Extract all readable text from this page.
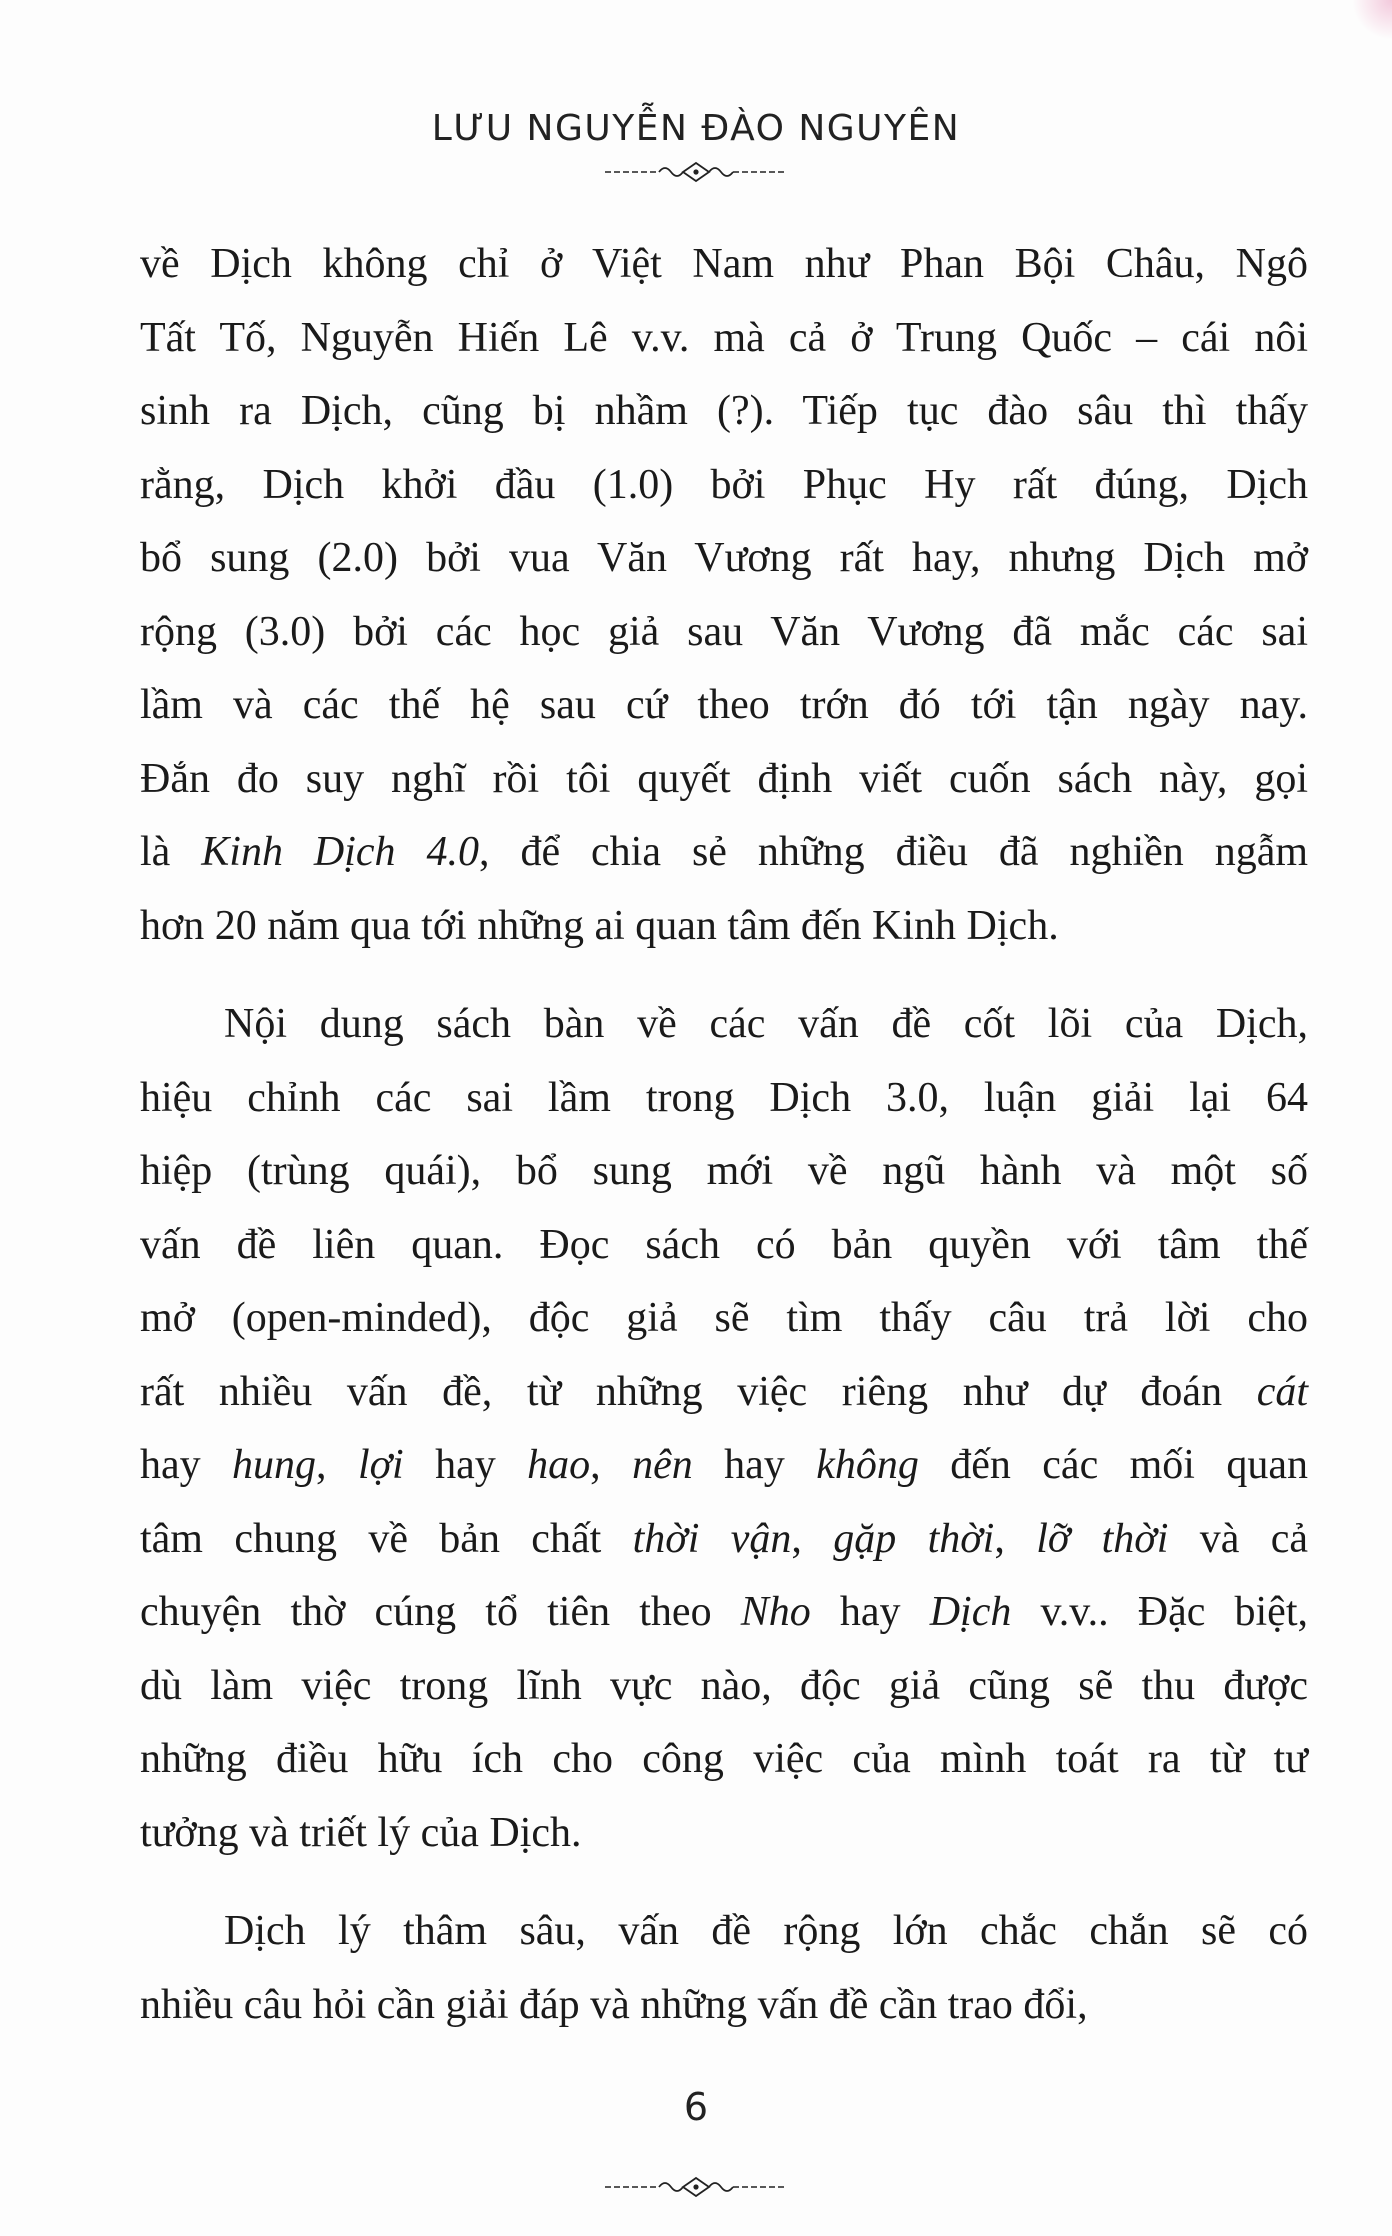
LƯU NGUYỄN ĐÀO NGUYÊN

về Dịch không chỉ ở Việt Nam như Phan Bội Châu, Ngô
Tất Tố, Nguyễn Hiến Lê v.v. mà cả ở Trung Quốc – cái nôi
sinh ra Dịch, cũng bị nhầm (?). Tiếp tục đào sâu thì thấy
rằng, Dịch khởi đầu (1.0) bởi Phục Hy rất đúng, Dịch
bổ sung (2.0) bởi vua Văn Vương rất hay, nhưng Dịch mở
rộng (3.0) bởi các học giả sau Văn Vương đã mắc các sai
lầm và các thế hệ sau cứ theo trớn đó tới tận ngày nay.
Đắn đo suy nghĩ rồi tôi quyết định viết cuốn sách này, gọi
là Kinh Dịch 4.0, để chia sẻ những điều đã nghiền ngẫm
hơn 20 năm qua tới những ai quan tâm đến Kinh Dịch.

Nội dung sách bàn về các vấn đề cốt lõi của Dịch,
hiệu chỉnh các sai lầm trong Dịch 3.0, luận giải lại 64
hiệp (trùng quái), bổ sung mới về ngũ hành và một số
vấn đề liên quan. Đọc sách có bản quyền với tâm thế
mở (open-minded), độc giả sẽ tìm thấy câu trả lời cho
rất nhiều vấn đề, từ những việc riêng như dự đoán cát
hay hung, lợi hay hao, nên hay không đến các mối quan
tâm chung về bản chất thời vận, gặp thời, lỡ thời và cả
chuyện thờ cúng tổ tiên theo Nho hay Dịch v.v.. Đặc biệt,
dù làm việc trong lĩnh vực nào, độc giả cũng sẽ thu được
những điều hữu ích cho công việc của mình toát ra từ tư
tưởng và triết lý của Dịch.

Dịch lý thâm sâu, vấn đề rộng lớn chắc chắn sẽ có
nhiều câu hỏi cần giải đáp và những vấn đề cần trao đổi,

6
